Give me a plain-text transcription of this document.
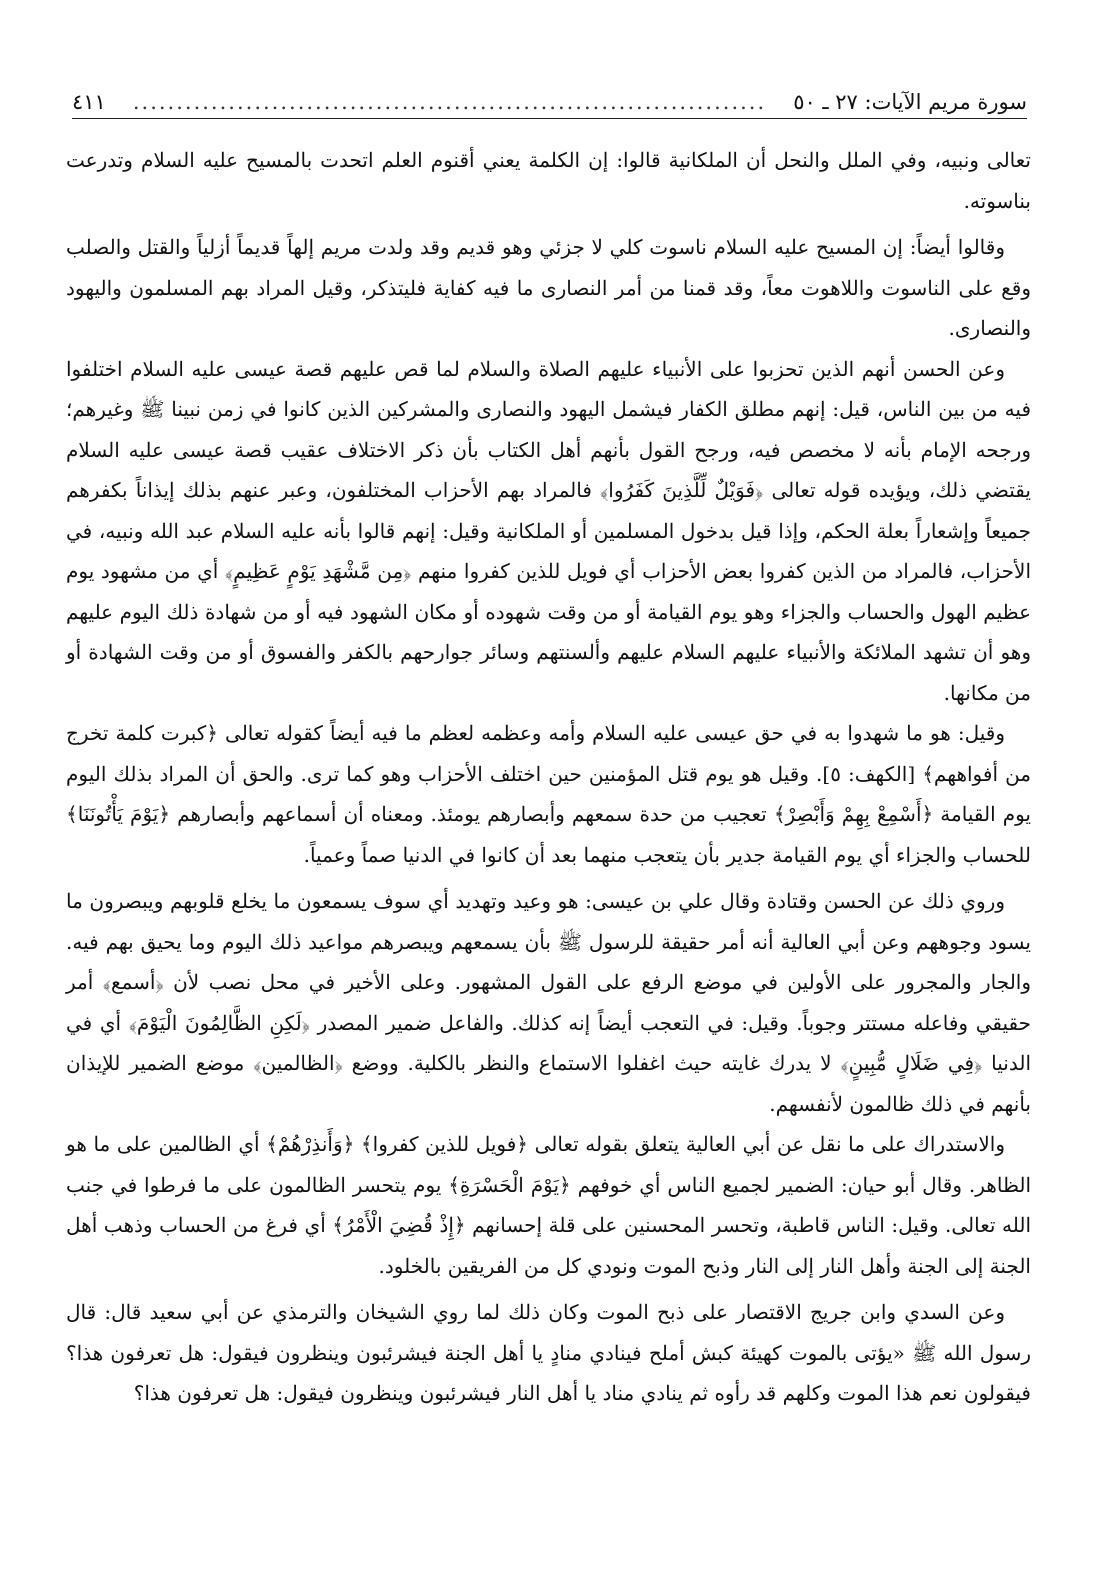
سورة مريم الآيات: ٢٧ ـ ٥٠
.........................................................................
٤١١

تعالى ونبيه، وفي الملل والنحل أن الملكانية قالوا: إن الكلمة يعني أقنوم العلم اتحدت بالمسيح عليه السلام وتدرعت بناسوته.

وقالوا أيضاً: إن المسيح عليه السلام ناسوت كلي لا جزئي وهو قديم وقد ولدت مريم إلهاً قديماً أزلياً والقتل والصلب وقع على الناسوت واللاهوت معاً، وقد قمنا من أمر النصارى ما فيه كفاية فليتذكر، وقيل المراد بهم المسلمون واليهود والنصارى.

وعن الحسن أنهم الذين تحزبوا على الأنبياء عليهم الصلاة والسلام لما قص عليهم قصة عيسى عليه السلام اختلفوا فيه من بين الناس، قيل: إنهم مطلق الكفار فيشمل اليهود والنصارى والمشركين الذين كانوا في زمن نبينا ﷺ وغيرهم؛ ورجحه الإمام بأنه لا مخصص فيه، ورجح القول بأنهم أهل الكتاب بأن ذكر الاختلاف عقيب قصة عيسى عليه السلام يقتضي ذلك، ويؤيده قوله تعالى ﴿فَوَيْلٌ لِّلَّذِينَ كَفَرُوا﴾ فالمراد بهم الأحزاب المختلفون، وعبر عنهم بذلك إيذاناً بكفرهم جميعاً وإشعاراً بعلة الحكم، وإذا قيل بدخول المسلمين أو الملكانية وقيل: إنهم قالوا بأنه عليه السلام عبد الله ونبيه، في الأحزاب، فالمراد من الذين كفروا بعض الأحزاب أي فويل للذين كفروا منهم ﴿مِن مَّشْهَدِ يَوْمٍ عَظِيمٍ﴾ أي من مشهود يوم عظيم الهول والحساب والجزاء وهو يوم القيامة أو من وقت شهوده أو مكان الشهود فيه أو من شهادة ذلك اليوم عليهم وهو أن تشهد الملائكة والأنبياء عليهم السلام عليهم وألسنتهم وسائر جوارحهم بالكفر والفسوق أو من وقت الشهادة أو من مكانها.

وقيل: هو ما شهدوا به في حق عيسى عليه السلام وأمه وعظمه لعظم ما فيه أيضاً كقوله تعالى ﴿كبرت كلمة تخرج من أفواههم﴾ [الكهف: ٥]. وقيل هو يوم قتل المؤمنين حين اختلف الأحزاب وهو كما ترى. والحق أن المراد بذلك اليوم يوم القيامة ﴿أَسْمِعْ بِهِمْ وَأَبْصِرْ﴾ تعجيب من حدة سمعهم وأبصارهم يومئذ. ومعناه أن أسماعهم وأبصارهم ﴿يَوْمَ يَأْتُونَنَا﴾ للحساب والجزاء أي يوم القيامة جدير بأن يتعجب منهما بعد أن كانوا في الدنيا صماً وعمياً.

وروي ذلك عن الحسن وقتادة وقال علي بن عيسى: هو وعيد وتهديد أي سوف يسمعون ما يخلع قلوبهم ويبصرون ما يسود وجوههم وعن أبي العالية أنه أمر حقيقة للرسول ﷺ بأن يسمعهم ويبصرهم مواعيد ذلك اليوم وما يحيق بهم فيه. والجار والمجرور على الأولين في موضع الرفع على القول المشهور. وعلى الأخير في محل نصب لأن ﴿أسمع﴾ أمر حقيقي وفاعله مستتر وجوباً. وقيل: في التعجب أيضاً إنه كذلك. والفاعل ضمير المصدر ﴿لَكِنِ الظَّالِمُونَ الْيَوْمَ﴾ أي في الدنيا ﴿فِي ضَلَالٍ مُّبِينٍ﴾ لا يدرك غايته حيث اغفلوا الاستماع والنظر بالكلية. ووضع ﴿الظالمين﴾ موضع الضمير للإيذان بأنهم في ذلك ظالمون لأنفسهم.

والاستدراك على ما نقل عن أبي العالية يتعلق بقوله تعالى ﴿فويل للذين كفروا﴾ ﴿وَأَنذِرْهُمْ﴾ أي الظالمين على ما هو الظاهر. وقال أبو حيان: الضمير لجميع الناس أي خوفهم ﴿يَوْمَ الْحَسْرَةِ﴾ يوم يتحسر الظالمون على ما فرطوا في جنب الله تعالى. وقيل: الناس قاطبة، وتحسر المحسنين على قلة إحسانهم ﴿إِذْ قُضِيَ الْأَمْرُ﴾ أي فرغ من الحساب وذهب أهل الجنة إلى الجنة وأهل النار إلى النار وذبح الموت ونودي كل من الفريقين بالخلود.

وعن السدي وابن جريج الاقتصار على ذبح الموت وكان ذلك لما روي الشيخان والترمذي عن أبي سعيد قال: قال رسول الله ﷺ «يؤتى بالموت كهيئة كبش أملح فينادي منادٍ يا أهل الجنة فيشرئبون وينظرون فيقول: هل تعرفون هذا؟ فيقولون نعم هذا الموت وكلهم قد رأوه ثم ينادي مناد يا أهل النار فيشرئبون وينظرون فيقول: هل تعرفون هذا؟
